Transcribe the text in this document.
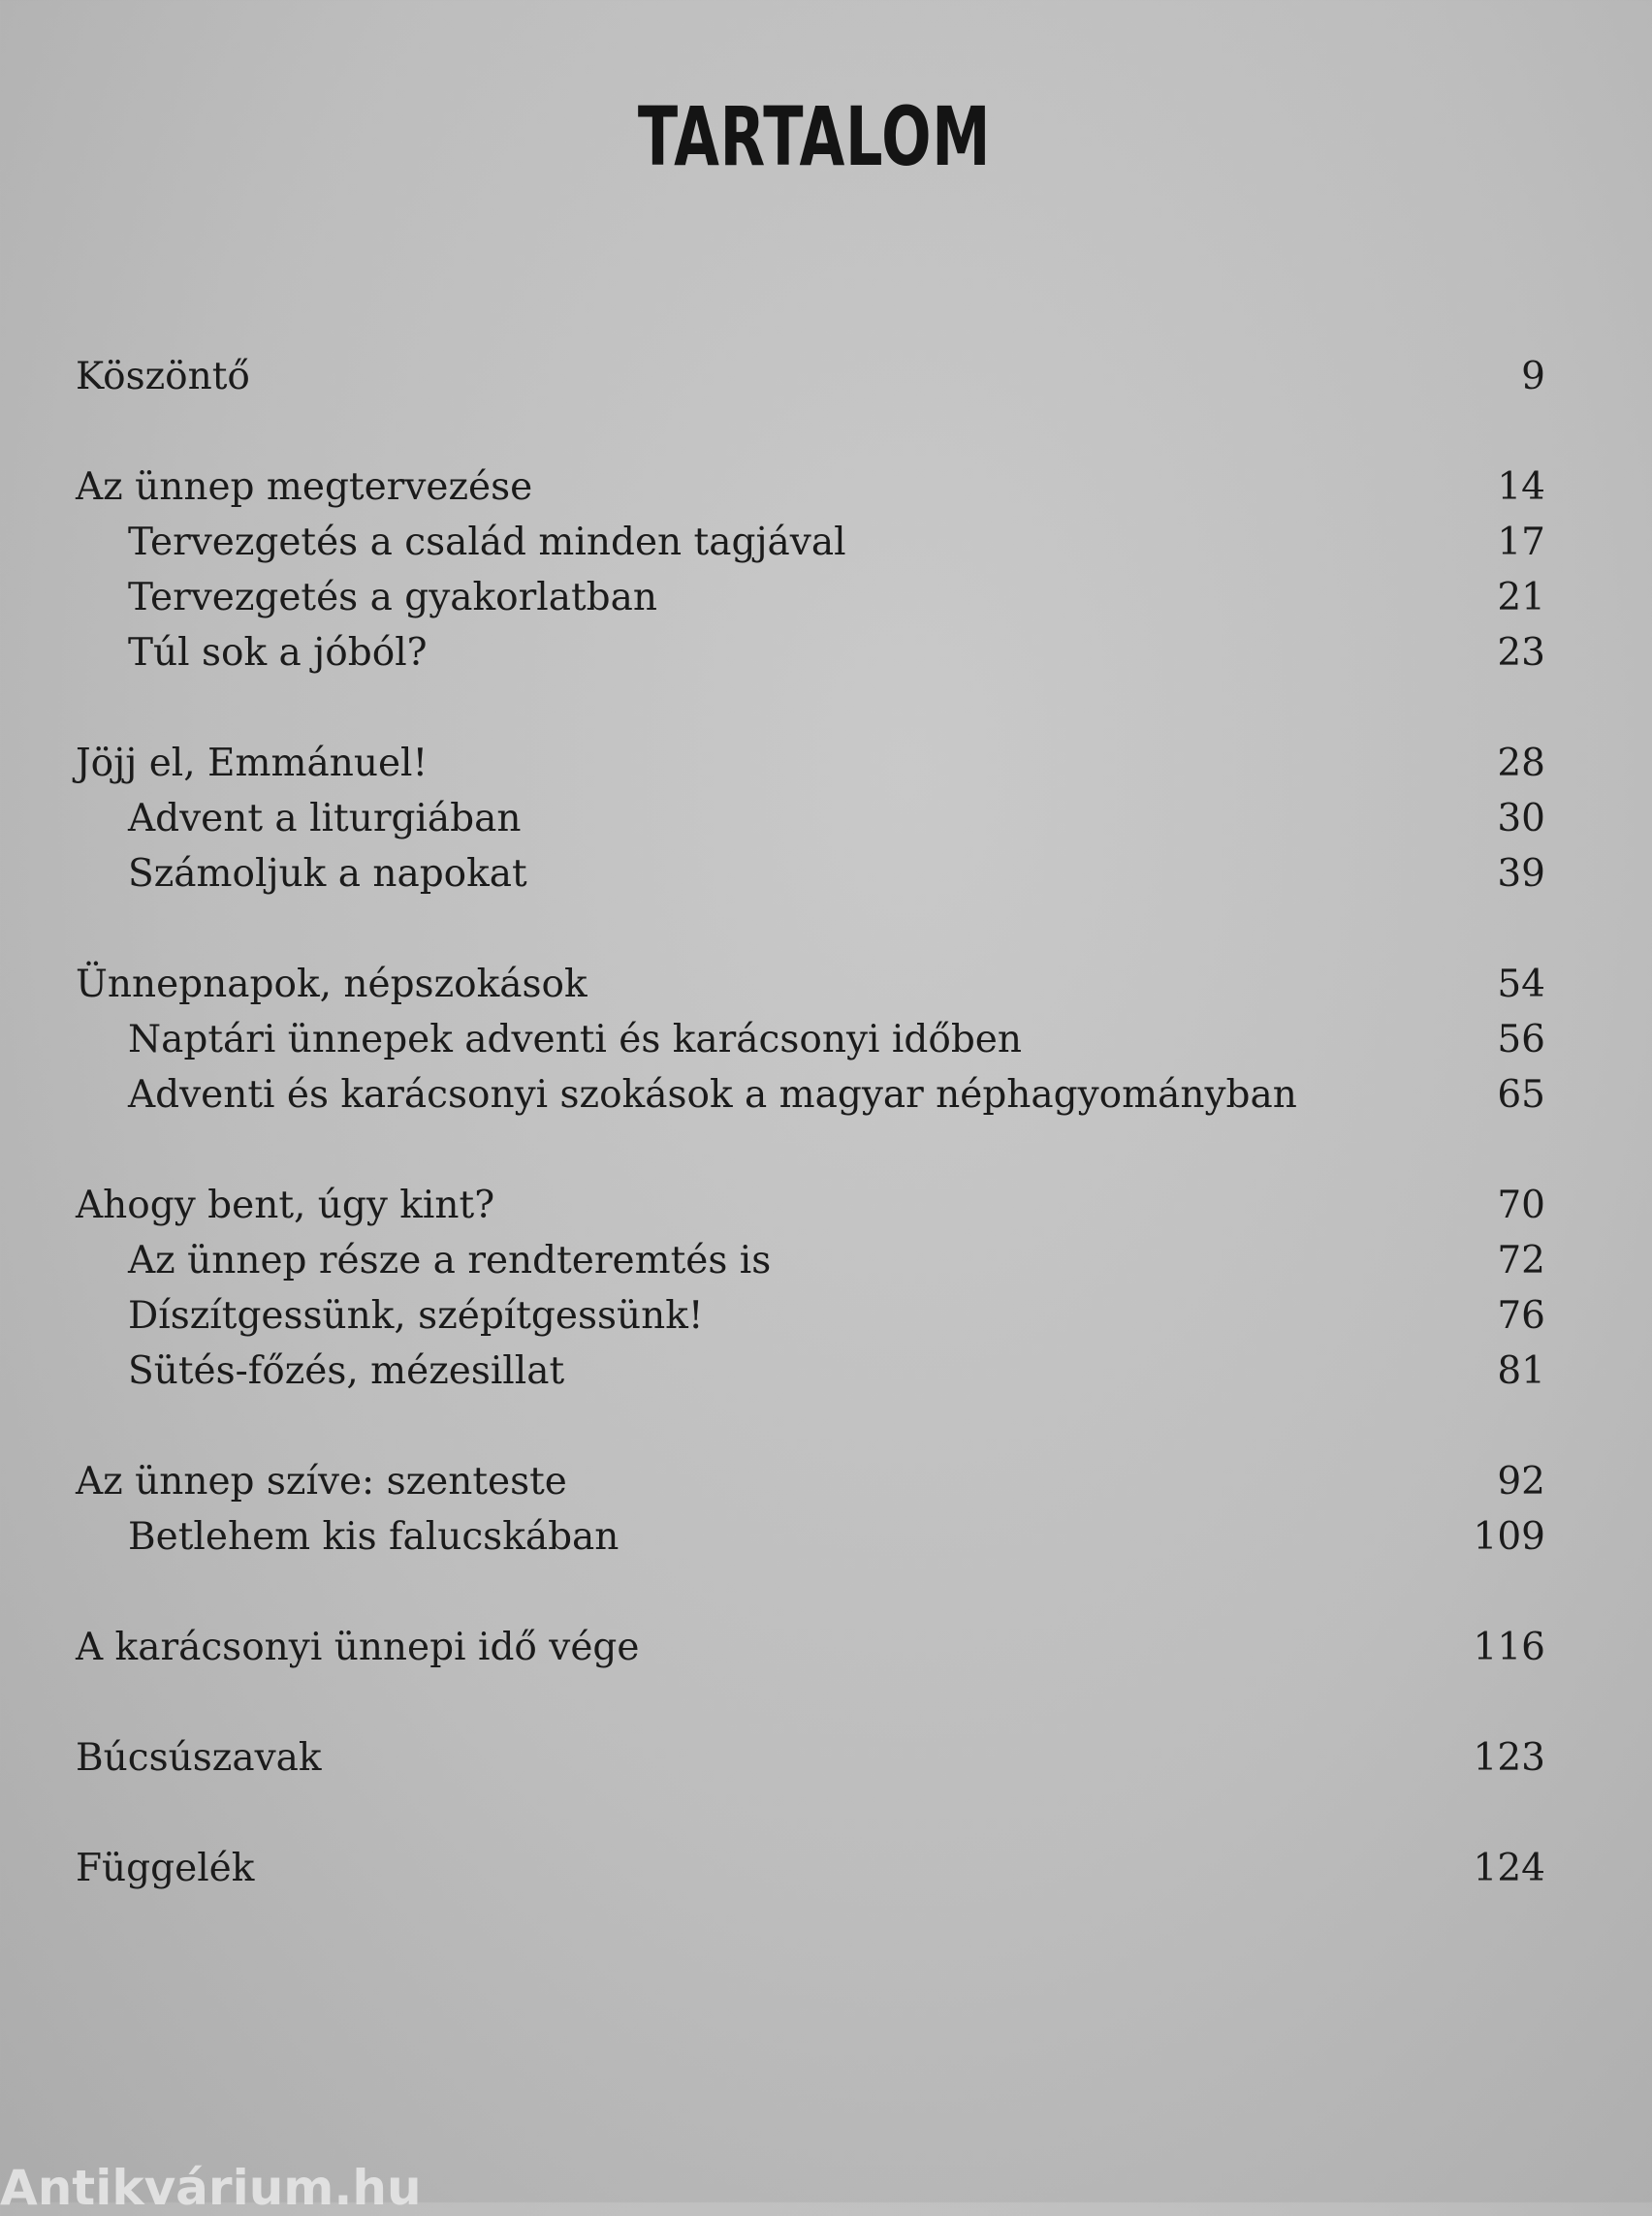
TARTALOM
Köszöntő	9
Az ünnep megtervezése	14
Tervezgetés a család minden tagjával	17
Tervezgetés a gyakorlatban	21
Túl sok a jóból?	23
Jöjj el, Emmánuel!	28
Advent a liturgiában	30
Számoljuk a napokat	39
Ünnepnapok, népszokások	54
Naptári ünnepek adventi és karácsonyi időben	56
Adventi és karácsonyi szokások a magyar néphagyományban	65
Ahogy bent, úgy kint?	70
Az ünnep része a rendteremtés is	72
Díszítgessünk, szépítgessünk!	76
Sütés-főzés, mézesillat	81
Az ünnep szíve: szenteste	92
Betlehem kis falucskában	109
A karácsonyi ünnepi idő vége	116
Búcsúszavak	123
Függelék	124
Antikvárium.hu
